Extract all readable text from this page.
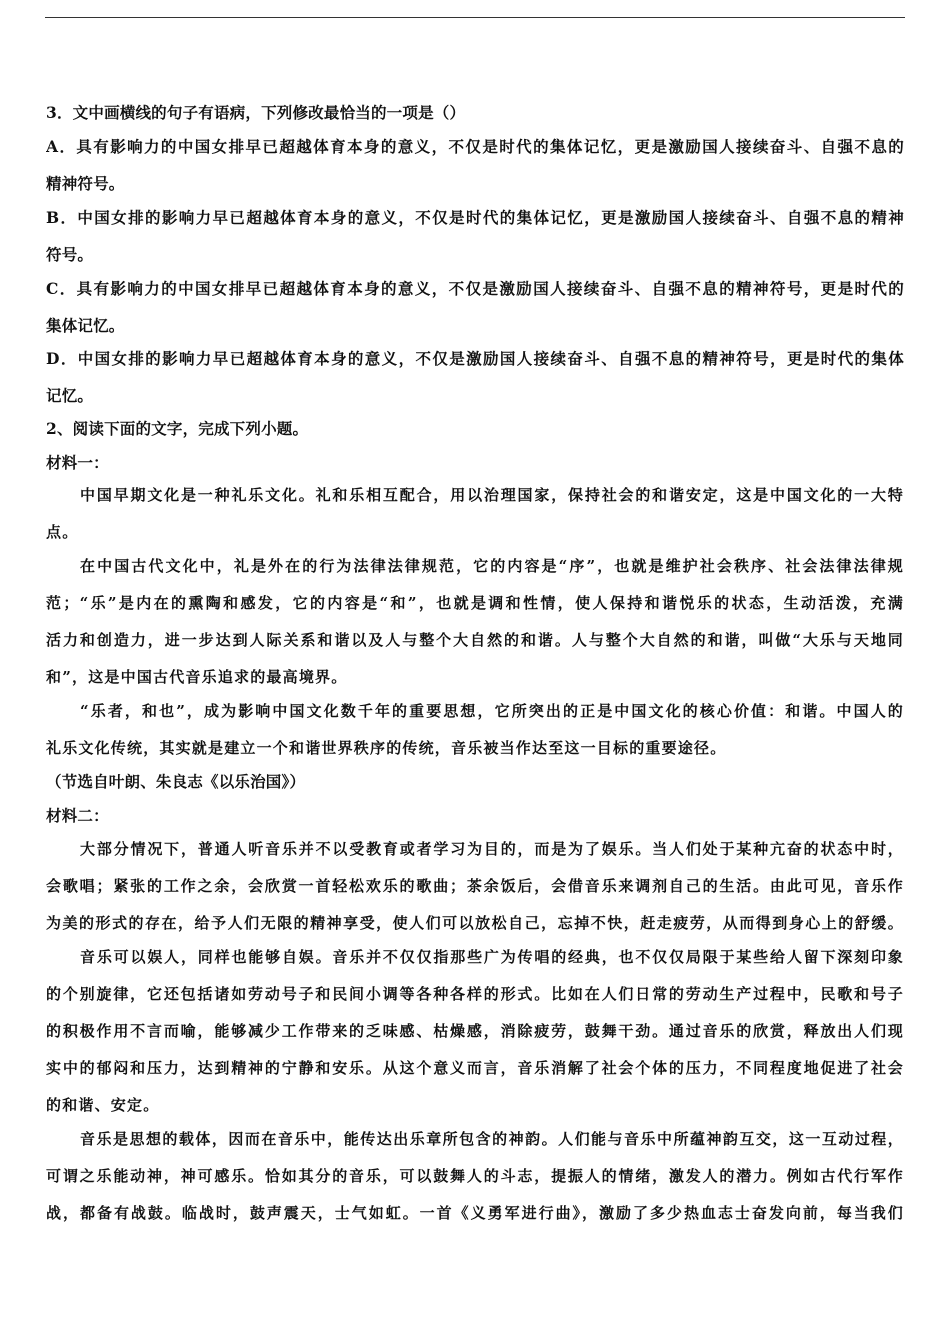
3．文中画横线的句子有语病，下列修改最恰当的一项是（）
A．具有影响力的中国女排早已超越体育本身的意义，不仅是时代的集体记忆，更是激励国人接续奋斗、自强不息的
精神符号。
B．中国女排的影响力早已超越体育本身的意义，不仅是时代的集体记忆，更是激励国人接续奋斗、自强不息的精神
符号。
C．具有影响力的中国女排早已超越体育本身的意义，不仅是激励国人接续奋斗、自强不息的精神符号，更是时代的
集体记忆。
D．中国女排的影响力早已超越体育本身的意义，不仅是激励国人接续奋斗、自强不息的精神符号，更是时代的集体
记忆。
2、阅读下面的文字，完成下列小题。
材料一：
中国早期文化是一种礼乐文化。礼和乐相互配合，用以治理国家，保持社会的和谐安定，这是中国文化的一大特
点。
在中国古代文化中，礼是外在的行为法律法律规范，它的内容是“序”，也就是维护社会秩序、社会法律法律规
范；“乐”是内在的熏陶和感发，它的内容是“和”，也就是调和性情，使人保持和谐悦乐的状态，生动活泼，充满
活力和创造力，进一步达到人际关系和谐以及人与整个大自然的和谐。人与整个大自然的和谐，叫做“大乐与天地同
和”，这是中国古代音乐追求的最高境界。
“乐者，和也”，成为影响中国文化数千年的重要思想，它所突出的正是中国文化的核心价值：和谐。中国人的
礼乐文化传统，其实就是建立一个和谐世界秩序的传统，音乐被当作达至这一目标的重要途径。
（节选自叶朗、朱良志《以乐治国》）
材料二：
大部分情况下，普通人听音乐并不以受教育或者学习为目的，而是为了娱乐。当人们处于某种亢奋的状态中时，
会歌唱；紧张的工作之余，会欣赏一首轻松欢乐的歌曲；茶余饭后，会借音乐来调剂自己的生活。由此可见，音乐作
为美的形式的存在，给予人们无限的精神享受，使人们可以放松自己，忘掉不快，赶走疲劳，从而得到身心上的舒缓。
音乐可以娱人，同样也能够自娱。音乐并不仅仅指那些广为传唱的经典，也不仅仅局限于某些给人留下深刻印象
的个别旋律，它还包括诸如劳动号子和民间小调等各种各样的形式。比如在人们日常的劳动生产过程中，民歌和号子
的积极作用不言而喻，能够减少工作带来的乏味感、枯燥感，消除疲劳，鼓舞干劲。通过音乐的欣赏，释放出人们现
实中的郁闷和压力，达到精神的宁静和安乐。从这个意义而言，音乐消解了社会个体的压力，不同程度地促进了社会
的和谐、安定。
音乐是思想的载体，因而在音乐中，能传达出乐章所包含的神韵。人们能与音乐中所蕴神韵互交，这一互动过程，
可谓之乐能动神，神可感乐。恰如其分的音乐，可以鼓舞人的斗志，提振人的情绪，激发人的潜力。例如古代行军作
战，都备有战鼓。临战时，鼓声震天，士气如虹。一首《义勇军进行曲》，激励了多少热血志士奋发向前，每当我们
